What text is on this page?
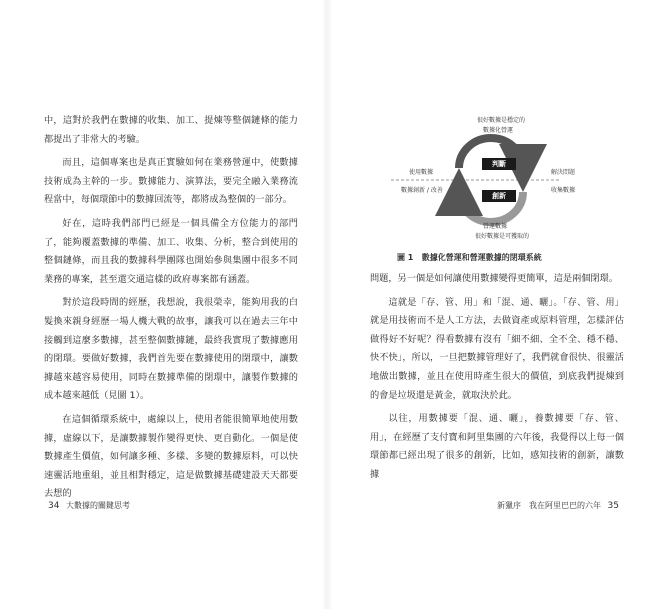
中，這對於我們在數據的收集、加工、提煉等整個鏈條的能力都提出了非常大的考驗。

而且，這個專案也是真正實驗如何在業務營運中，使數據技術成為主幹的一步。數據能力、演算法，要完全融入業務流程當中，每個環節中的數據回流等，都將成為整個的一部分。

好在，這時我們部門已經是一個具備全方位能力的部門了，能夠覆蓋數據的準備、加工、收集、分析，整合到使用的整個鏈條，而且我的數據科學團隊也開始參與集團中很多不同業務的專案，甚至還交通這樣的政府專案都有涵蓋。

對於這段時間的經歷，我想說，我很榮幸，能夠用我的白髮換來親身經歷一場人機大戰的故事，讓我可以在過去三年中接觸到這麼多數據，甚至整個數據鏈，最終我實現了數據應用的閉環。要做好數據，我們首先要在數據使用的閉環中，讓數據越來越容易使用，同時在數據準備的閉環中，讓製作數據的成本越來越低（見圖 1）。

在這個循環系統中，處線以上，使用者能很簡單地使用數據，虛線以下，是讓數據製作變得更快、更自動化。一個是使數據產生價值，如何讓多種、多樣、多變的數據原料，可以快速靈活地重組，並且相對穩定，這是做數據基礎建設天天都要去想的

34 大數據的關鍵思考
很好數據是穩定的
數據化營運
使用數據	解決問題
數據創新 / 改善	收集數據
判斷
創新
營運數據
很好數據是可獲取的
圖 1 數據化營運和營運數據的閉環系統

問題，另一個是如何讓使用數據變得更簡單，這是兩個閉環。

這就是「存、管、用」和「混、通、曬」。「存、管、用」就是用技術而不是人工方法，去做資產或原料管理，怎樣評估做得好不好呢？得看數據有沒有「細不細、全不全、穩不穩、快不快」，所以，一旦把數據管理好了，我們就會很快、很靈活地做出數據，並且在使用時產生很大的價值，到底我們提煉到的會是垃圾還是黃金，就取決於此。

以往，用數據要「混、通、曬」，養數據要「存、管、用」，在經歷了支付寶和阿里集團的六年後，我覺得以上每一個環節都已經出現了很多的創新，比如，感知技術的創新，讓數據

新獵序　我在阿里巴巴的六年 35
